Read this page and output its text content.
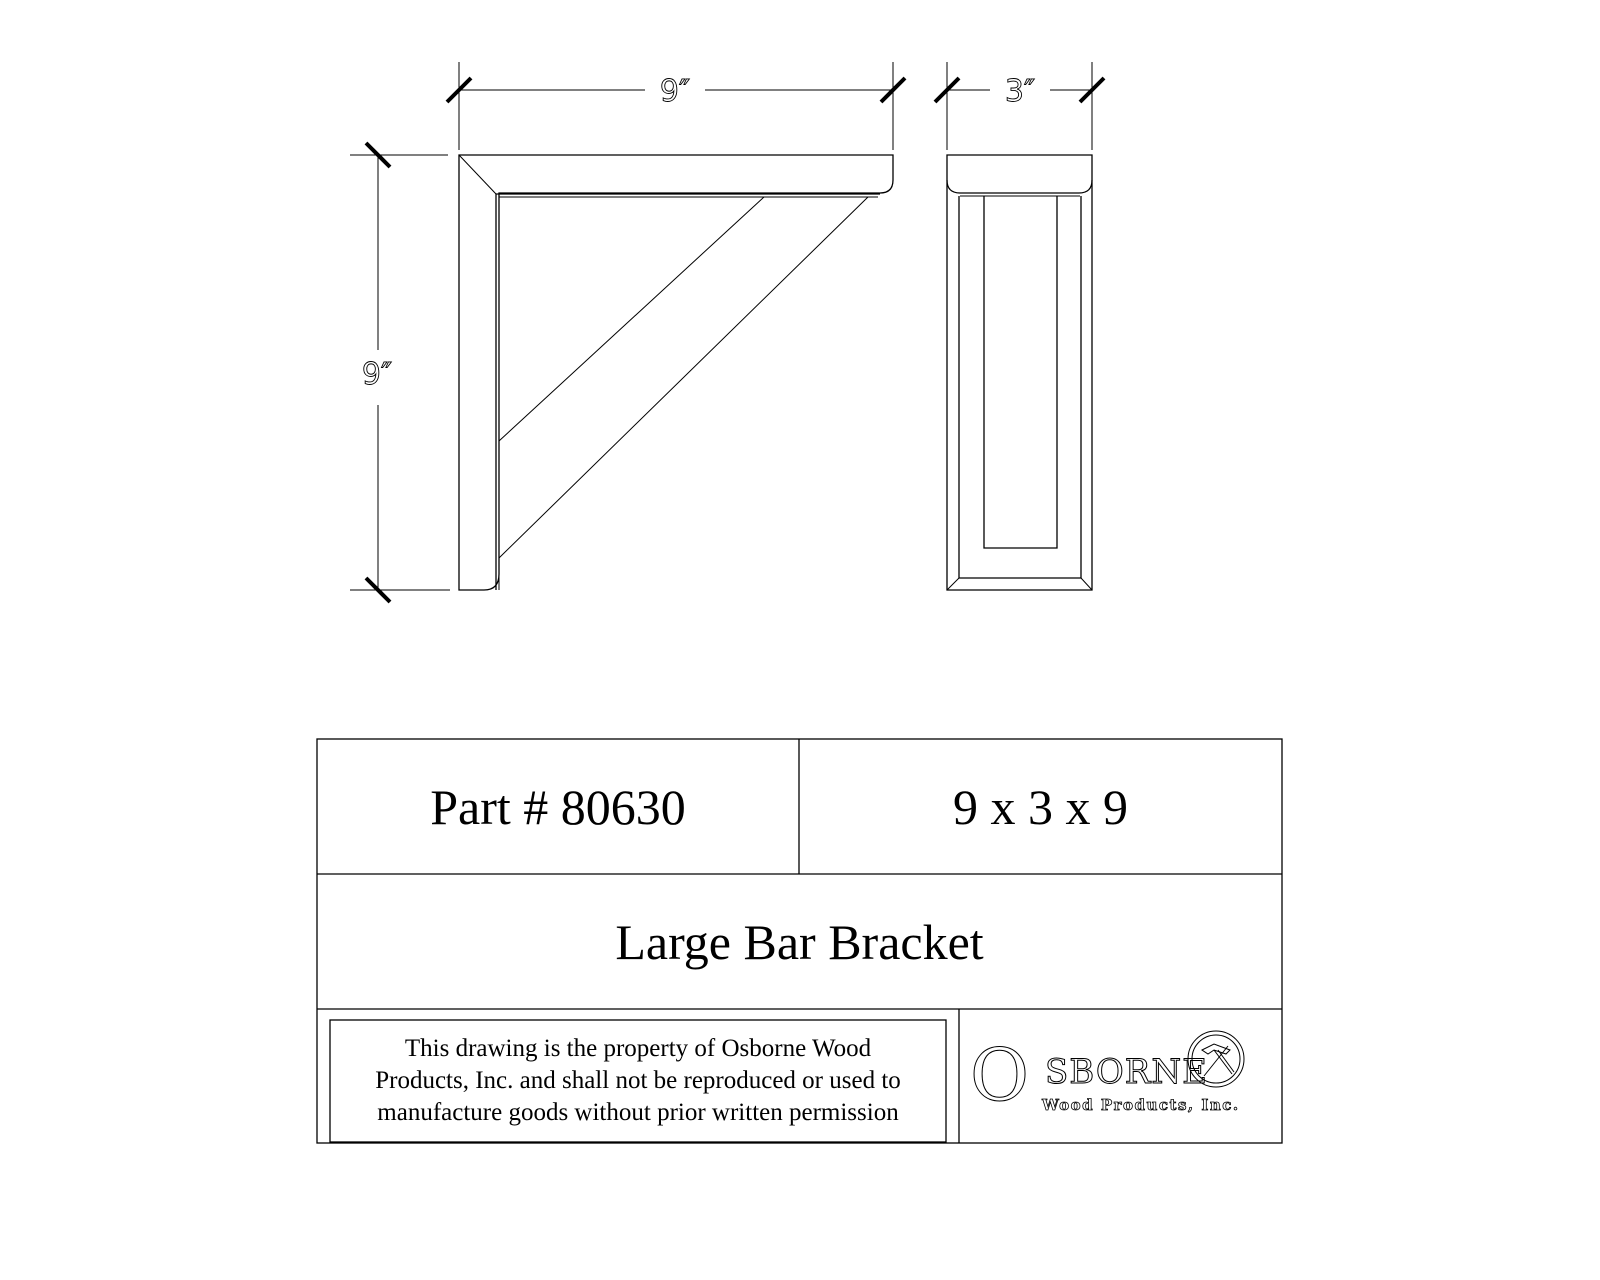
9″
9″
3″
O SBORNE
Wood Products, Inc.
Part # 80630	9 x 3 x 9
Large Bar Bracket
This drawing is the property of Osborne Wood
Products, Inc. and shall not be reproduced or used to
manufacture goods without prior written permission
